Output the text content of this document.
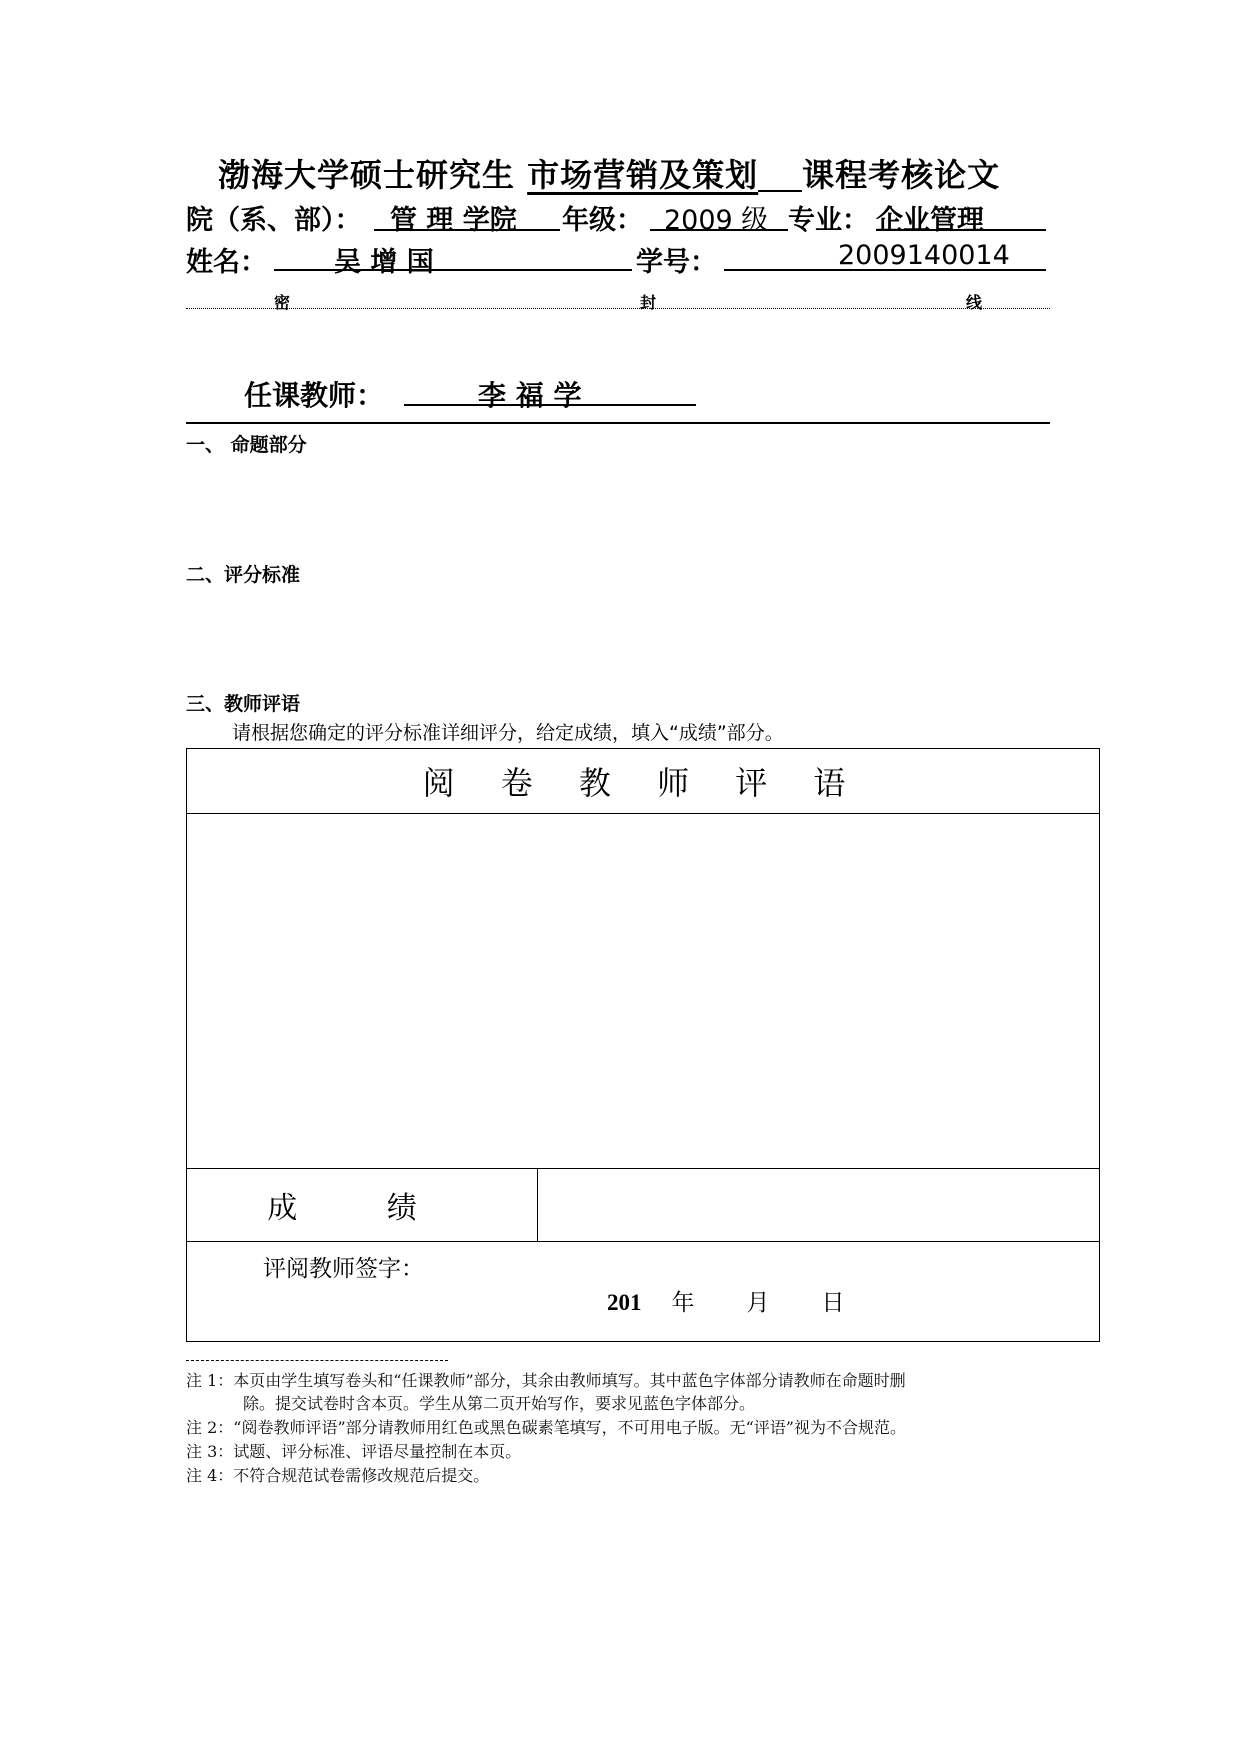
渤海大学硕士研究生 市场营销及策划 课程考核论文
院（系、部）： 管 理 学院 年级： 2009 级 专业： 企业管理
姓名： 吴 增 国	学号：	2009140014
密	封	线
任课教师：	李 福 学
一、 命题部分
二、评分标准
三、教师评语
请根据您确定的评分标准详细评分，给定成绩，填入“成绩”部分。
阅 卷 教 师 评 语

成 绩	

评阅教师签字：
201 年 月 日
注 1：本页由学生填写卷头和“任课教师”部分，其余由教师填写。其中蓝色字体部分请教师在命题时删
除。提交试卷时含本页。学生从第二页开始写作，要求见蓝色字体部分。
注 2：“阅卷教师评语”部分请教师用红色或黑色碳素笔填写，不可用电子版。无“评语”视为不合规范。
注 3：试题、评分标准、评语尽量控制在本页。
注 4：不符合规范试卷需修改规范后提交。
